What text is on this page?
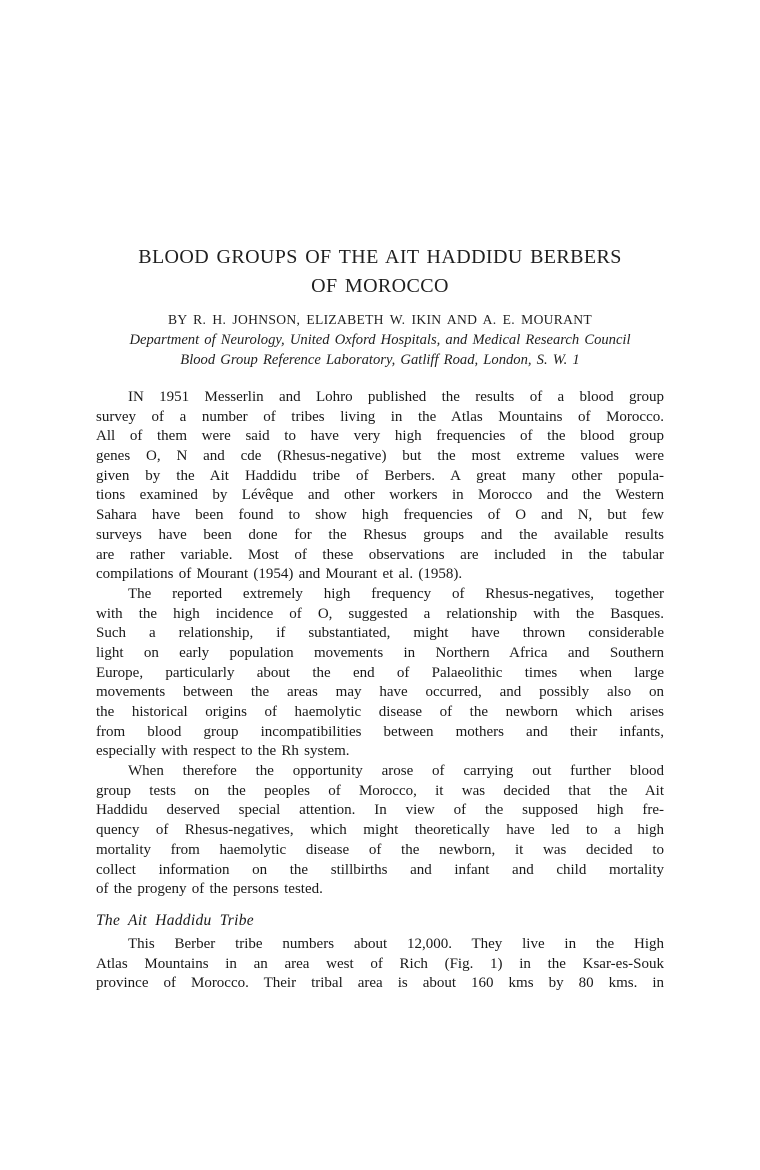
BLOOD GROUPS OF THE AIT HADDIDU BERBERS
OF MOROCCO
BY R. H. JOHNSON, ELIZABETH W. IKIN AND A. E. MOURANT
Department of Neurology, United Oxford Hospitals, and Medical Research Council
Blood Group Reference Laboratory, Gatliff Road, London, S. W. 1
IN 1951 Messerlin and Lohro published the results of a blood group
survey of a number of tribes living in the Atlas Mountains of Morocco.
All of them were said to have very high frequencies of the blood group
genes O, N and cde (Rhesus-negative) but the most extreme values were
given by the Ait Haddidu tribe of Berbers. A great many other popula-
tions examined by Lévêque and other workers in Morocco and the Western
Sahara have been found to show high frequencies of O and N, but few
surveys have been done for the Rhesus groups and the available results
are rather variable. Most of these observations are included in the tabular
compilations of Mourant (1954) and Mourant et al. (1958).
The reported extremely high frequency of Rhesus-negatives, together
with the high incidence of O, suggested a relationship with the Basques.
Such a relationship, if substantiated, might have thrown considerable
light on early population movements in Northern Africa and Southern
Europe, particularly about the end of Palaeolithic times when large
movements between the areas may have occurred, and possibly also on
the historical origins of haemolytic disease of the newborn which arises
from blood group incompatibilities between mothers and their infants,
especially with respect to the Rh system.
When therefore the opportunity arose of carrying out further blood
group tests on the peoples of Morocco, it was decided that the Ait
Haddidu deserved special attention. In view of the supposed high fre-
quency of Rhesus-negatives, which might theoretically have led to a high
mortality from haemolytic disease of the newborn, it was decided to
collect information on the stillbirths and infant and child mortality
of the progeny of the persons tested.
The Ait Haddidu Tribe
This Berber tribe numbers about 12,000. They live in the High
Atlas Mountains in an area west of Rich (Fig. 1) in the Ksar-es-Souk
province of Morocco. Their tribal area is about 160 kms by 80 kms. in
